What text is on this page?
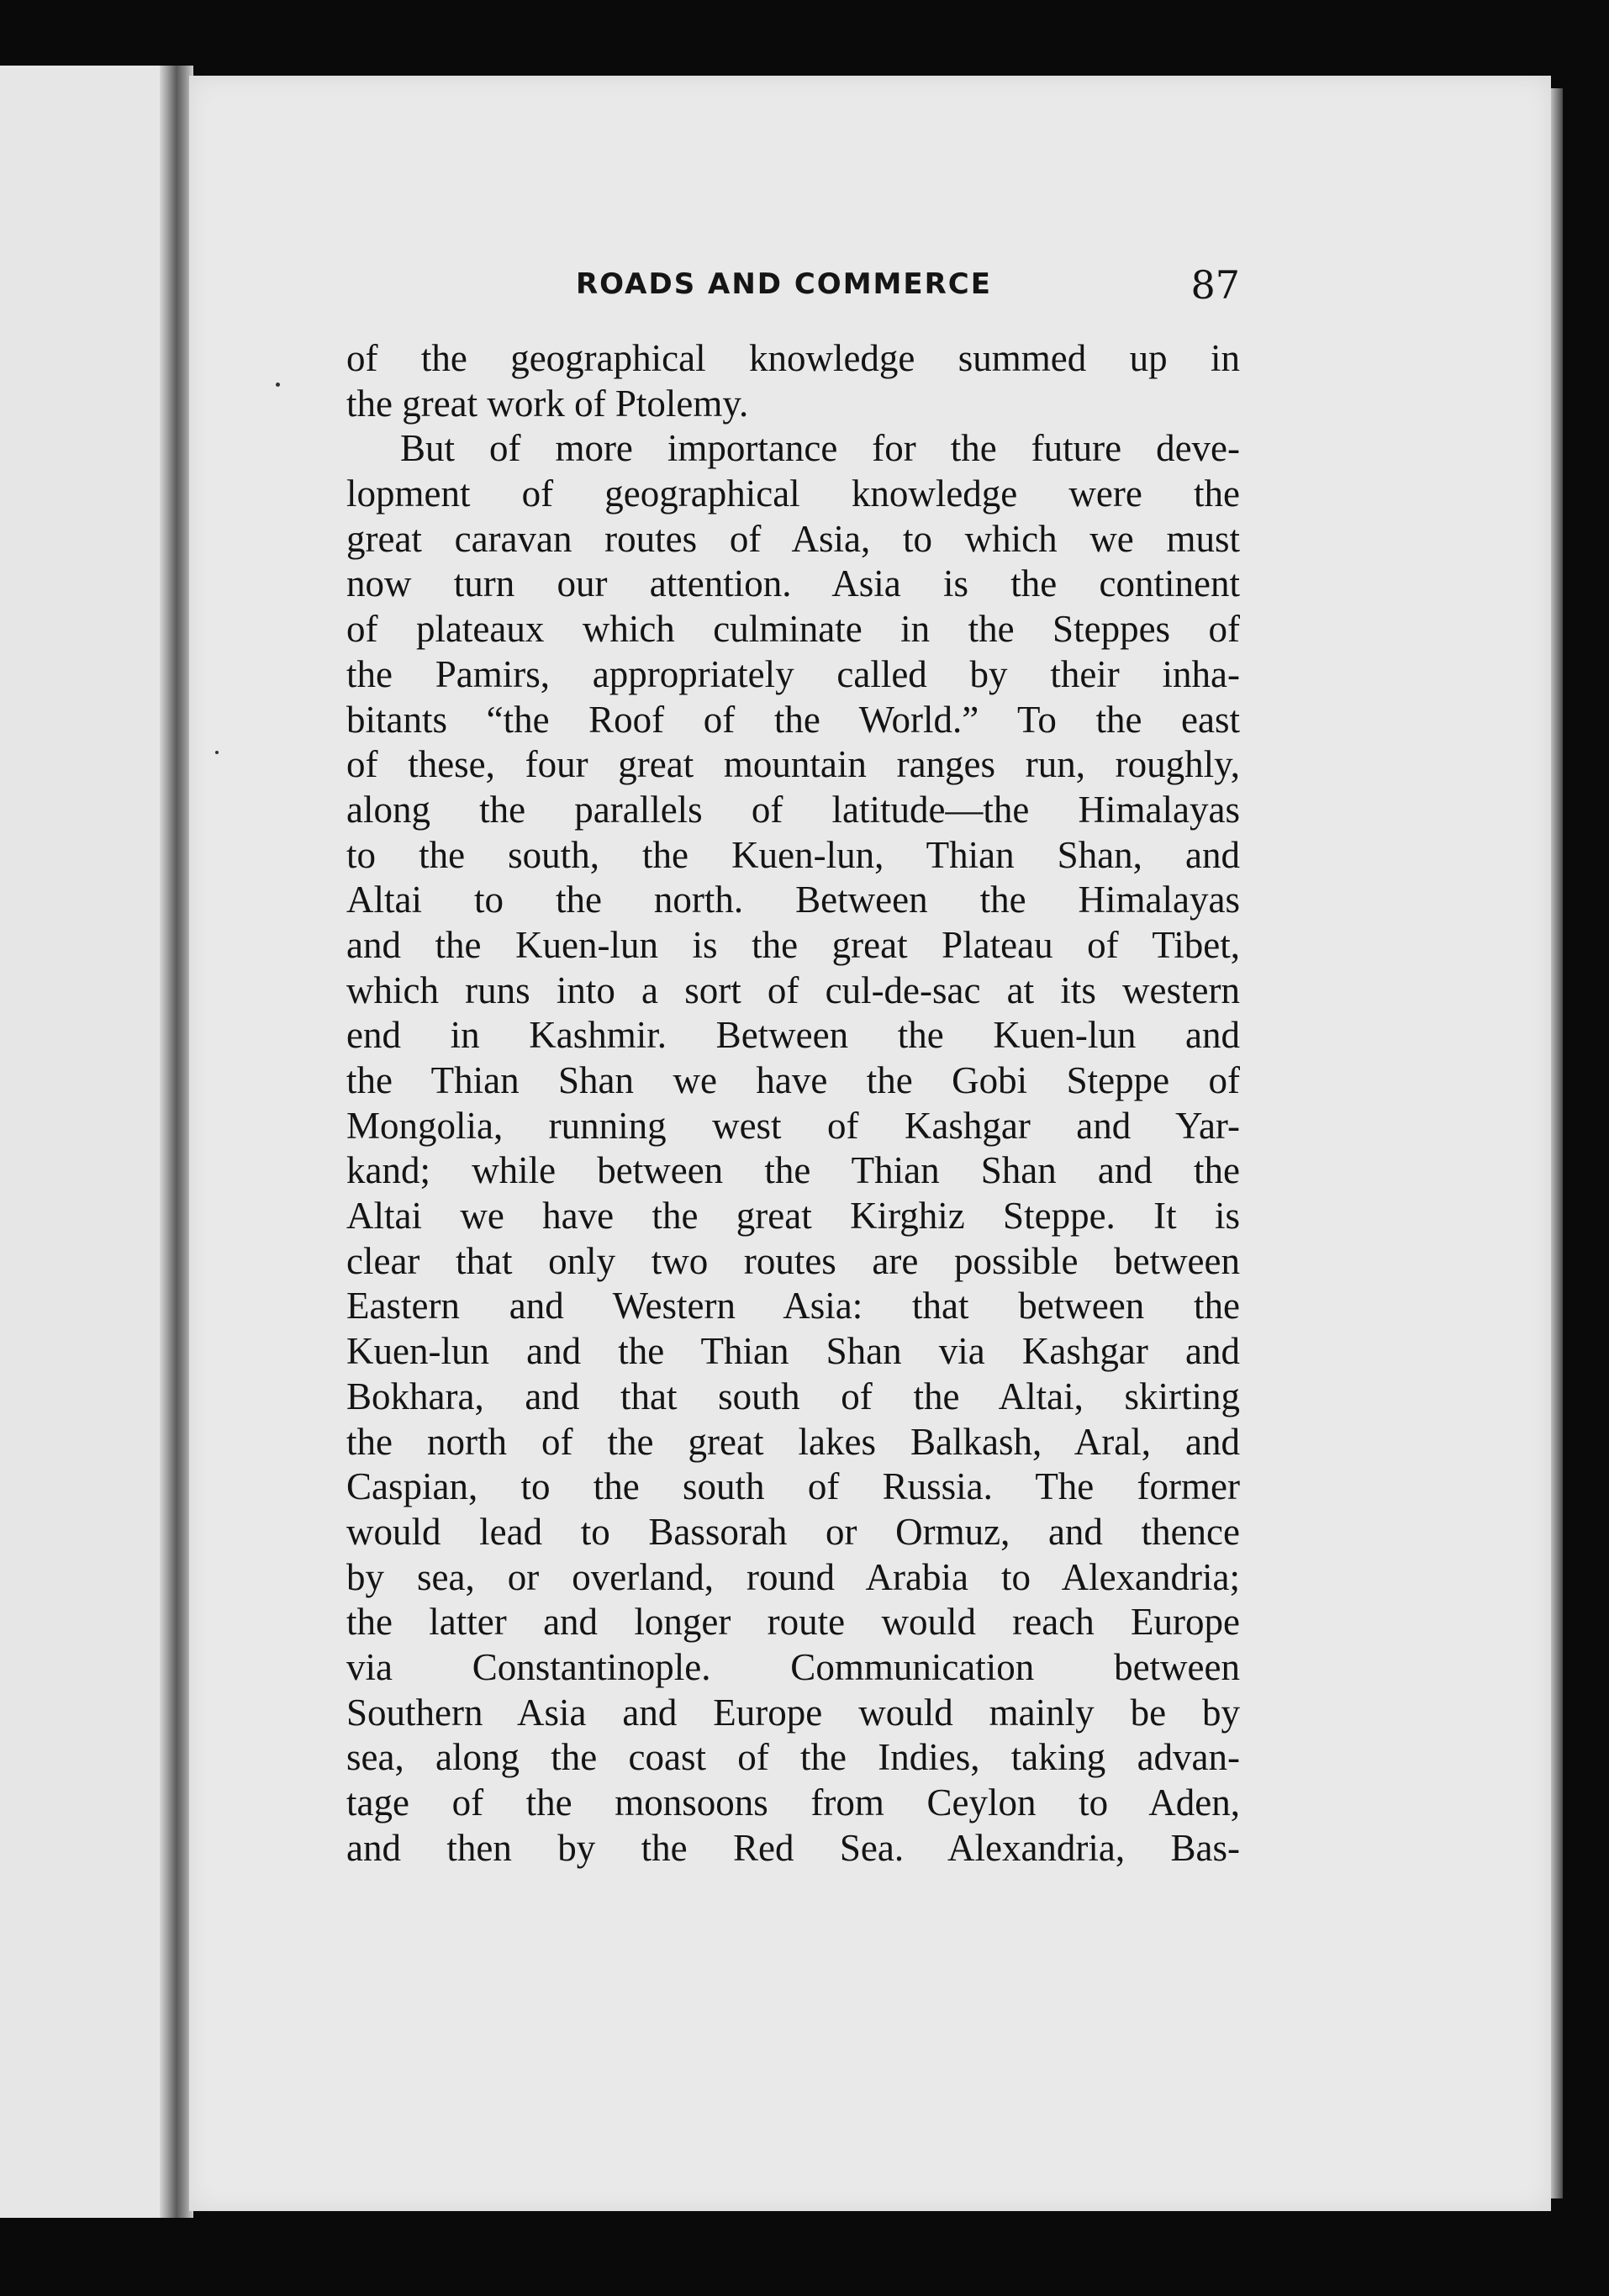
ROADS AND COMMERCE	87
of the geographical knowledge summed up in
the great work of Ptolemy.
But of more importance for the future deve-
lopment of geographical knowledge were the
great caravan routes of Asia, to which we must
now turn our attention. Asia is the continent
of plateaux which culminate in the Steppes of
the Pamirs, appropriately called by their inha-
bitants “the Roof of the World.” To the east
of these, four great mountain ranges run, roughly,
along the parallels of latitude—the Himalayas
to the south, the Kuen-lun, Thian Shan, and
Altai to the north. Between the Himalayas
and the Kuen-lun is the great Plateau of Tibet,
which runs into a sort of cul-de-sac at its western
end in Kashmir. Between the Kuen-lun and
the Thian Shan we have the Gobi Steppe of
Mongolia, running west of Kashgar and Yar-
kand; while between the Thian Shan and the
Altai we have the great Kirghiz Steppe. It is
clear that only two routes are possible between
Eastern and Western Asia: that between the
Kuen-lun and the Thian Shan via Kashgar and
Bokhara, and that south of the Altai, skirting
the north of the great lakes Balkash, Aral, and
Caspian, to the south of Russia. The former
would lead to Bassorah or Ormuz, and thence
by sea, or overland, round Arabia to Alexandria;
the latter and longer route would reach Europe
via Constantinople. Communication between
Southern Asia and Europe would mainly be by
sea, along the coast of the Indies, taking advan-
tage of the monsoons from Ceylon to Aden,
and then by the Red Sea. Alexandria, Bas-
